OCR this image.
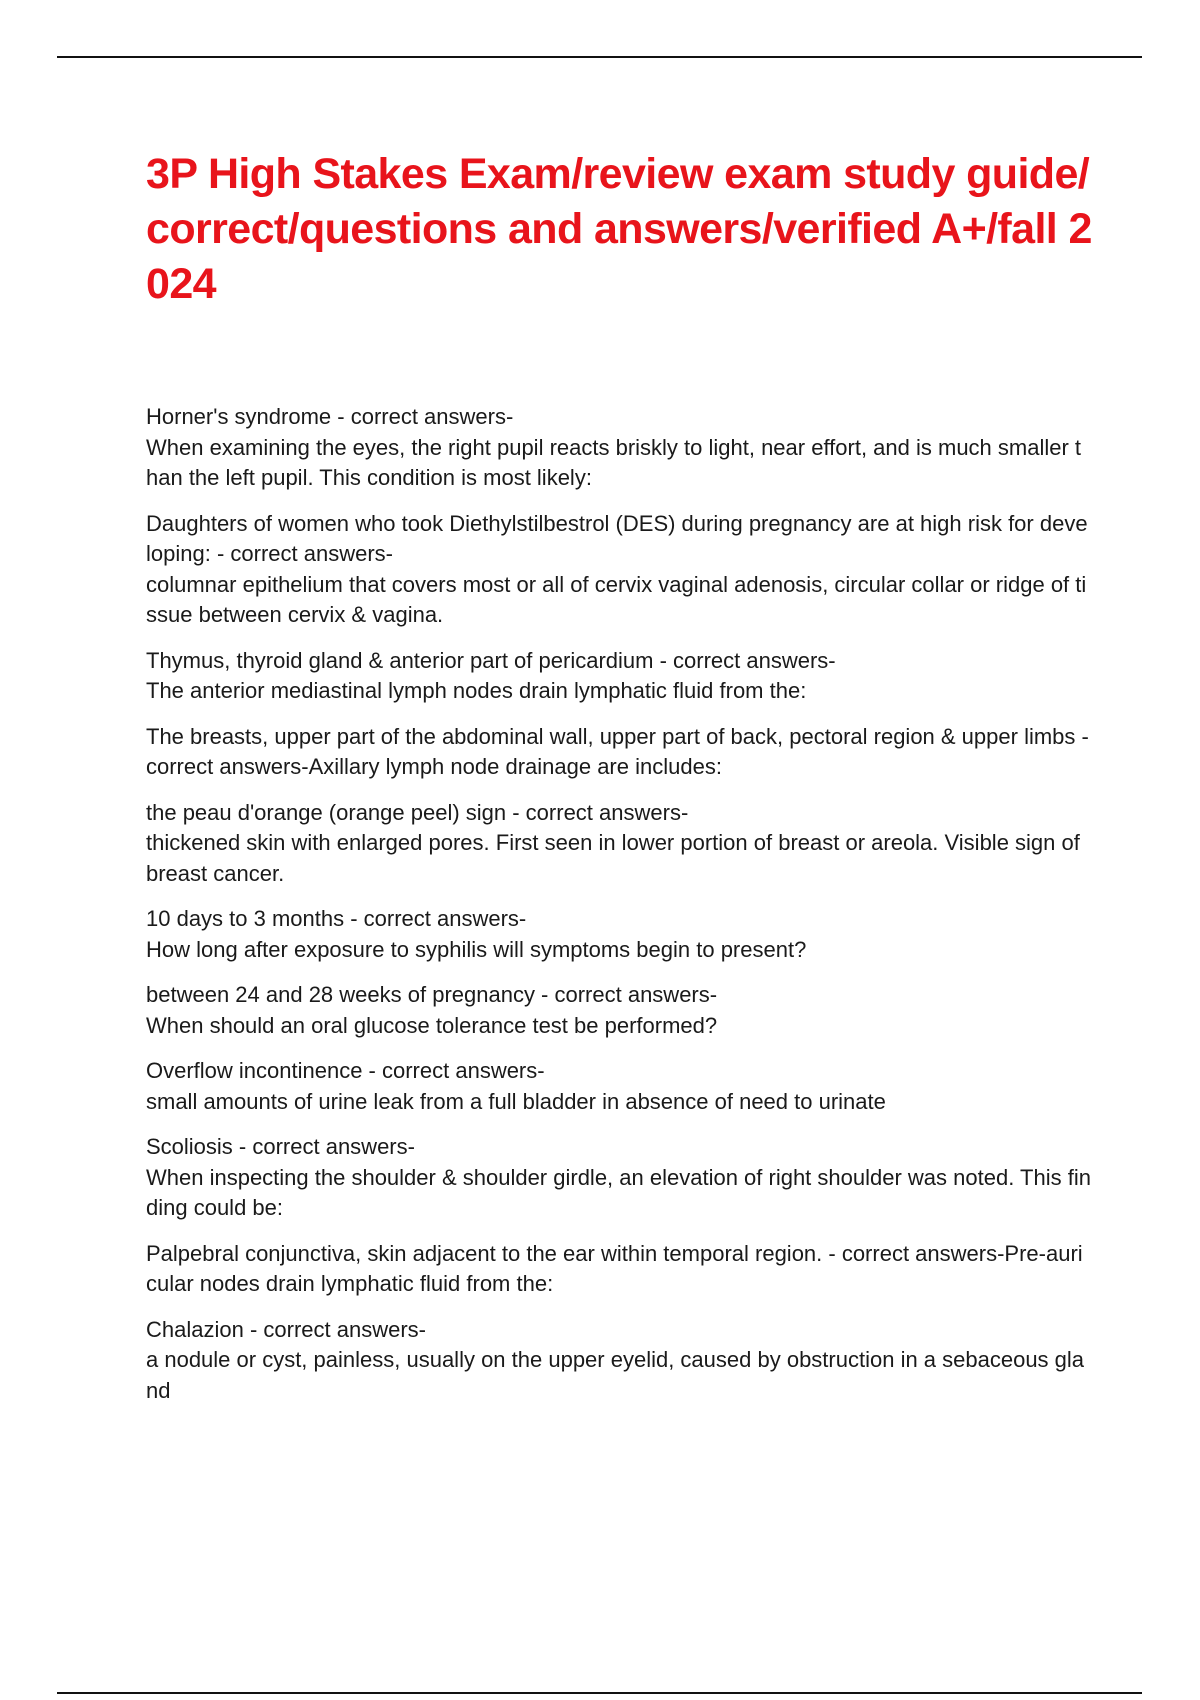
3P High Stakes Exam/review exam study guide/correct/questions and answers/verified A+/fall 2024

Horner's syndrome - correct answers-
When examining the eyes, the right pupil reacts briskly to light, near effort, and is much smaller than the left pupil. This condition is most likely:

Daughters of women who took Diethylstilbestrol (DES) during pregnancy are at high risk for developing: - correct answers-
columnar epithelium that covers most or all of cervix vaginal adenosis, circular collar or ridge of tissue between cervix & vagina.

Thymus, thyroid gland & anterior part of pericardium - correct answers-
The anterior mediastinal lymph nodes drain lymphatic fluid from the:

The breasts, upper part of the abdominal wall, upper part of back, pectoral region & upper limbs - correct answers-Axillary lymph node drainage are includes:

the peau d'orange (orange peel) sign - correct answers-
thickened skin with enlarged pores. First seen in lower portion of breast or areola. Visible sign of breast cancer.

10 days to 3 months - correct answers-
How long after exposure to syphilis will symptoms begin to present?

between 24 and 28 weeks of pregnancy - correct answers-
When should an oral glucose tolerance test be performed?

Overflow incontinence - correct answers-
small amounts of urine leak from a full bladder in absence of need to urinate

Scoliosis - correct answers-
When inspecting the shoulder & shoulder girdle, an elevation of right shoulder was noted. This finding could be:

Palpebral conjunctiva, skin adjacent to the ear within temporal region. - correct answers-Pre-auricular nodes drain lymphatic fluid from the:

Chalazion - correct answers-
a nodule or cyst, painless, usually on the upper eyelid, caused by obstruction in a sebaceous gland
